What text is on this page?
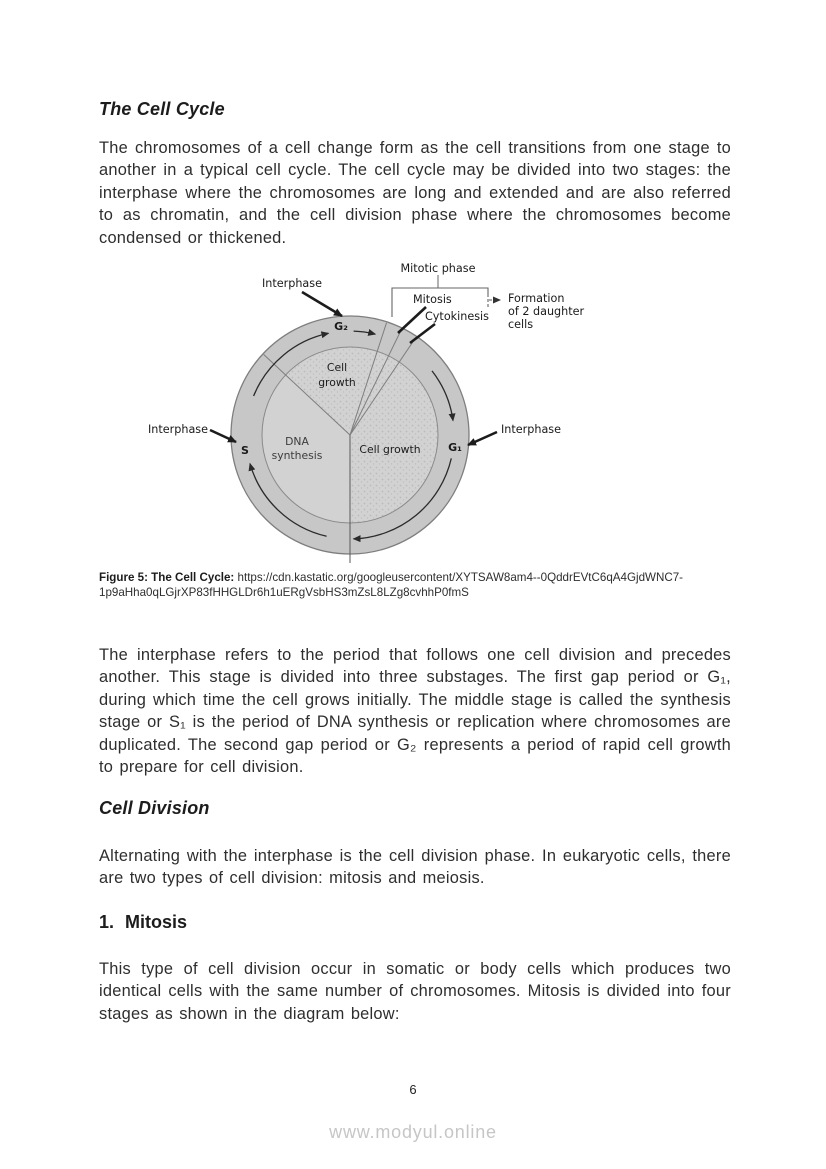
The Cell Cycle

The chromosomes of a cell change form as the cell transitions from one stage to another in a typical cell cycle. The cell cycle may be divided into two stages: the interphase where the chromosomes are long and extended and are also referred to as chromatin, and the cell division phase where the chromosomes become condensed or thickened.

G₂
S	G₁
Cell
growth
DNA
synthesis	Cell growth
Mitotic phase
Formation
of 2 daughter
cells
Mitosis
Cytokinesis
Interphase
Interphase	Interphase

Figure 5: The Cell Cycle: https://cdn.kastatic.org/googleusercontent/XYTSAW8am4--0QddrEVtC6qA4GjdWNC7-1p9aHha0qLGjrXP83fHHGLDr6h1uERgVsbHS3mZsL8LZg8cvhhP0fmS

The interphase refers to the period that follows one cell division and precedes another. This stage is divided into three substages. The first gap period or G₁, during which time the cell grows initially. The middle stage is called the synthesis stage or S₁ is the period of DNA synthesis or replication where chromosomes are duplicated. The second gap period or G₂ represents a period of rapid cell growth to prepare for cell division.

Cell Division

Alternating with the interphase is the cell division phase. In eukaryotic cells, there are two types of cell division: mitosis and meiosis.

1. Mitosis

This type of cell division occur in somatic or body cells which produces two identical cells with the same number of chromosomes. Mitosis is divided into four stages as shown in the diagram below:

6
www.modyul.online
